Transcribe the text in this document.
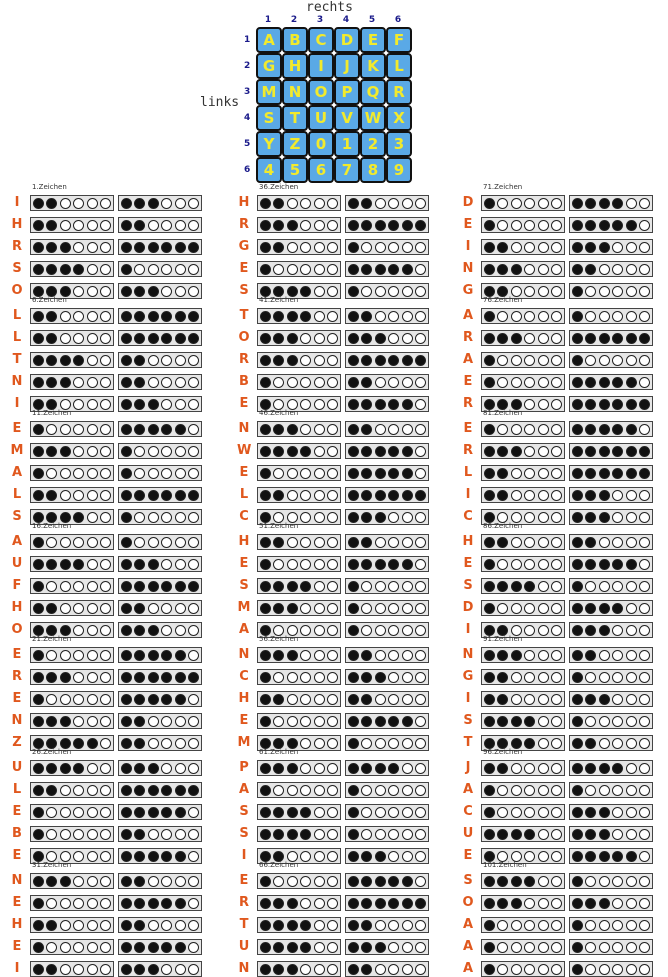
rechts
links
1	2	3	4	5	6
1
2
3
4
5
6
A B C D E	F
G H	I	J	K	L
M N O P Q R
S	T U V W X
Y	Z	0	1	2	3
4	5	6	7	8	9
1.Zeichen
I
H
R
S
O
36.Zeichen
H
R
G
E
S
71.Zeichen
D
E
I
N
G
6.Zeichen
L
L
T
N
I
41.Zeichen
T
O
R
B
E
76.Zeichen
A
R
A
E
R
11.Zeichen
E
M
A
L
S
46.Zeichen
N
W
E
L
C
81.Zeichen
E
R
L
I
C
16.Zeichen
A
U
F
H
O
51.Zeichen
H
E
S
M
A
86.Zeichen
H
E
S
D
I
21.Zeichen
E
R
E
N
Z
56.Zeichen
N
C
H
E
M
91.Zeichen
N
G
I
S
T
26.Zeichen
U
L
E
B
E
61.Zeichen
P
A
S
S
I
96.Zeichen
J
A
C
U
E
31.Zeichen
N
E
H
E
I
66.Zeichen
E
R
T
U
N
101.Zeichen
S
O
A
A
A
